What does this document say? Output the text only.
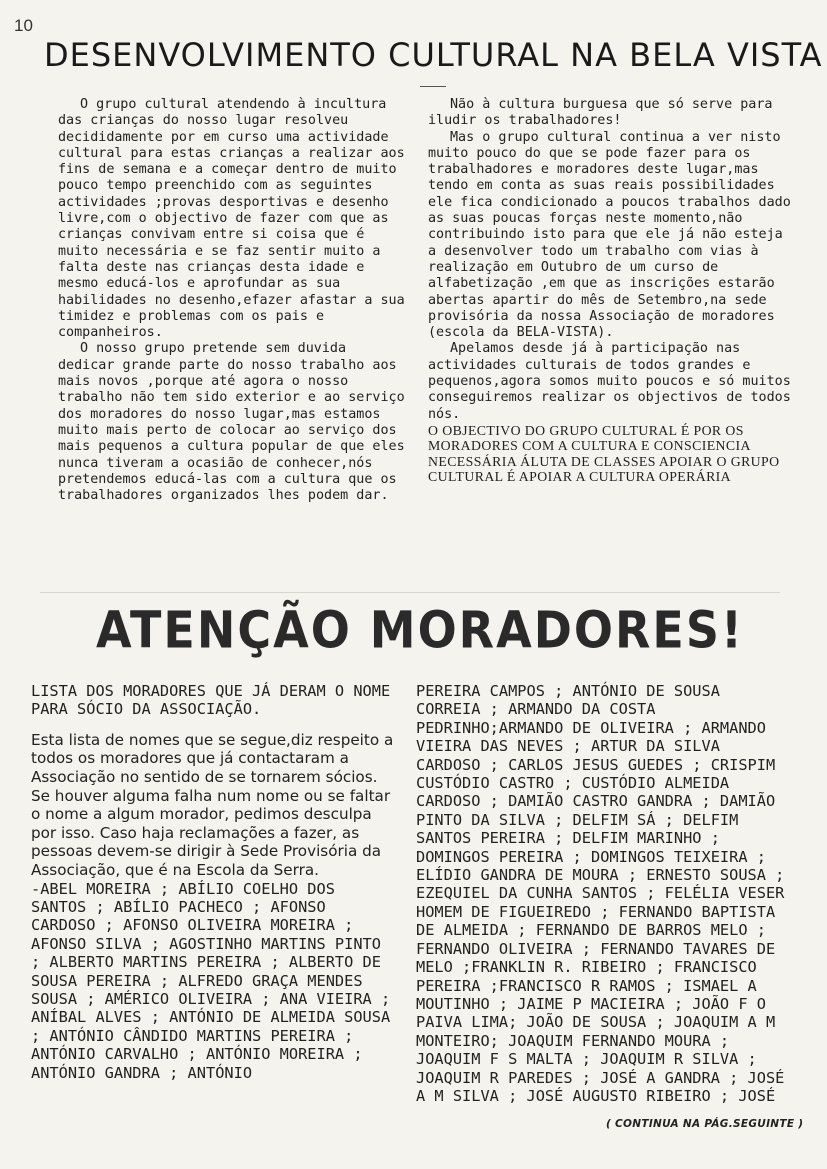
10
DESENVOLVIMENTO CULTURAL NA BELA VISTA

O grupo cultural atendendo à incultura das crianças do nosso lugar resolveu decididamente por em curso uma actividade cultural para estas crianças a realizar aos fins de semana e a começar dentro de muito pouco tempo preenchido com as seguintes actividades ;provas desportivas e desenho livre,com o objectivo de fazer com que as crianças convivam entre si coisa que é muito necessária e se faz sentir muito a falta deste nas crianças desta idade e mesmo educá-los e aprofundar as sua habilidades no desenho,efazer afastar a sua timidez e problemas com os pais e companheiros.

O nosso grupo pretende sem duvida dedicar grande parte do nosso trabalho aos mais novos ,porque até agora o nosso trabalho não tem sido exterior e ao serviço dos moradores do nosso lugar,mas estamos muito mais perto de colocar ao serviço dos mais pequenos a cultura popular de que eles nunca tiveram a ocasião de conhecer,nós pretendemos educá-las com a cultura que os trabalhadores organizados lhes podem dar.

Não à cultura burguesa que só serve para iludir os trabalhadores!

Mas o grupo cultural continua a ver nisto muito pouco do que se pode fazer para os trabalhadores e moradores deste lugar,mas tendo em conta as suas reais possibilidades ele fica condicionado a poucos trabalhos dado as suas poucas forças neste momento,não contribuindo isto para que ele já não esteja a desenvolver todo um trabalho com vias à realização em Outubro de um curso de alfabetização ,em que as inscrições estarão abertas apartir do mês de Setembro,na sede provisória da nossa Associação de moradores (escola da BELA-VISTA).

Apelamos desde já à participação nas actividades culturais de todos grandes e pequenos,agora somos muito poucos e só muitos conseguiremos realizar os objectivos de todos nós.

O OBJECTIVO DO GRUPO CULTURAL É POR OS MORADORES COM A CULTURA E CONSCIENCIA NECESSÁRIA ÁLUTA DE CLASSES APOIAR O GRUPO CULTURAL É APOIAR A CULTURA OPERÁRIA

ATENÇÃO MORADORES!

LISTA DOS MORADORES QUE JÁ DERAM O NOME PARA SÓCIO DA ASSOCIAÇÃO.

Esta lista de nomes que se segue,diz respeito a todos os moradores que já contactaram a Associação no sentido de se tornarem sócios. Se houver alguma falha num nome ou se faltar o nome a algum morador, pedimos desculpa por isso. Caso haja reclamações a fazer, as pessoas devem-se dirigir à Sede Provisória da Associação, que é na Escola da Serra.

-ABEL MOREIRA ; ABÍLIO COELHO DOS SANTOS ; ABÍLIO PACHECO ; AFONSO CARDOSO ; AFONSO OLIVEIRA MOREIRA ; AFONSO SILVA ; AGOSTINHO MARTINS PINTO ; ALBERTO MARTINS PEREIRA ; ALBERTO DE SOUSA PEREIRA ; ALFREDO GRAÇA MENDES SOUSA ; AMÉRICO OLIVEIRA ; ANA VIEIRA ; ANÍBAL ALVES ; ANTÓNIO DE ALMEIDA SOUSA ; ANTÓNIO CÂNDIDO MARTINS PEREIRA ; ANTÓNIO CARVALHO ; ANTÓNIO MOREIRA ; ANTÓNIO GANDRA ; ANTÓNIO

PEREIRA CAMPOS ; ANTÓNIO DE SOUSA CORREIA ; ARMANDO DA COSTA PEDRINHO;ARMANDO DE OLIVEIRA ; ARMANDO VIEIRA DAS NEVES ; ARTUR DA SILVA CARDOSO ; CARLOS JESUS GUEDES ; CRISPIM CUSTÓDIO CASTRO ; CUSTÓDIO ALMEIDA CARDOSO ; DAMIÃO CASTRO GANDRA ; DAMIÃO PINTO DA SILVA ; DELFIM SÁ ; DELFIM SANTOS PEREIRA ; DELFIM MARINHO ; DOMINGOS PEREIRA ; DOMINGOS TEIXEIRA ; ELÍDIO GANDRA DE MOURA ; ERNESTO SOUSA ; EZEQUIEL DA CUNHA SANTOS ; FELÉLIA VESER HOMEM DE FIGUEIREDO ; FERNANDO BAPTISTA DE ALMEIDA ; FERNANDO DE BARROS MELO ; FERNANDO OLIVEIRA ; FERNANDO TAVARES DE MELO ;FRANKLIN R. RIBEIRO ; FRANCISCO PEREIRA ;FRANCISCO R RAMOS ; ISMAEL A MOUTINHO ; JAIME P MACIEIRA ; JOÃO F O PAIVA LIMA; JOÃO DE SOUSA ; JOAQUIM A M MONTEIRO; JOAQUIM FERNANDO MOURA ; JOAQUIM F S MALTA ; JOAQUIM R SILVA ; JOAQUIM R PAREDES ; JOSÉ A GANDRA ; JOSÉ A M SILVA ; JOSÉ AUGUSTO RIBEIRO ; JOSÉ

( CONTINUA NA PÁG.SEGUINTE )
